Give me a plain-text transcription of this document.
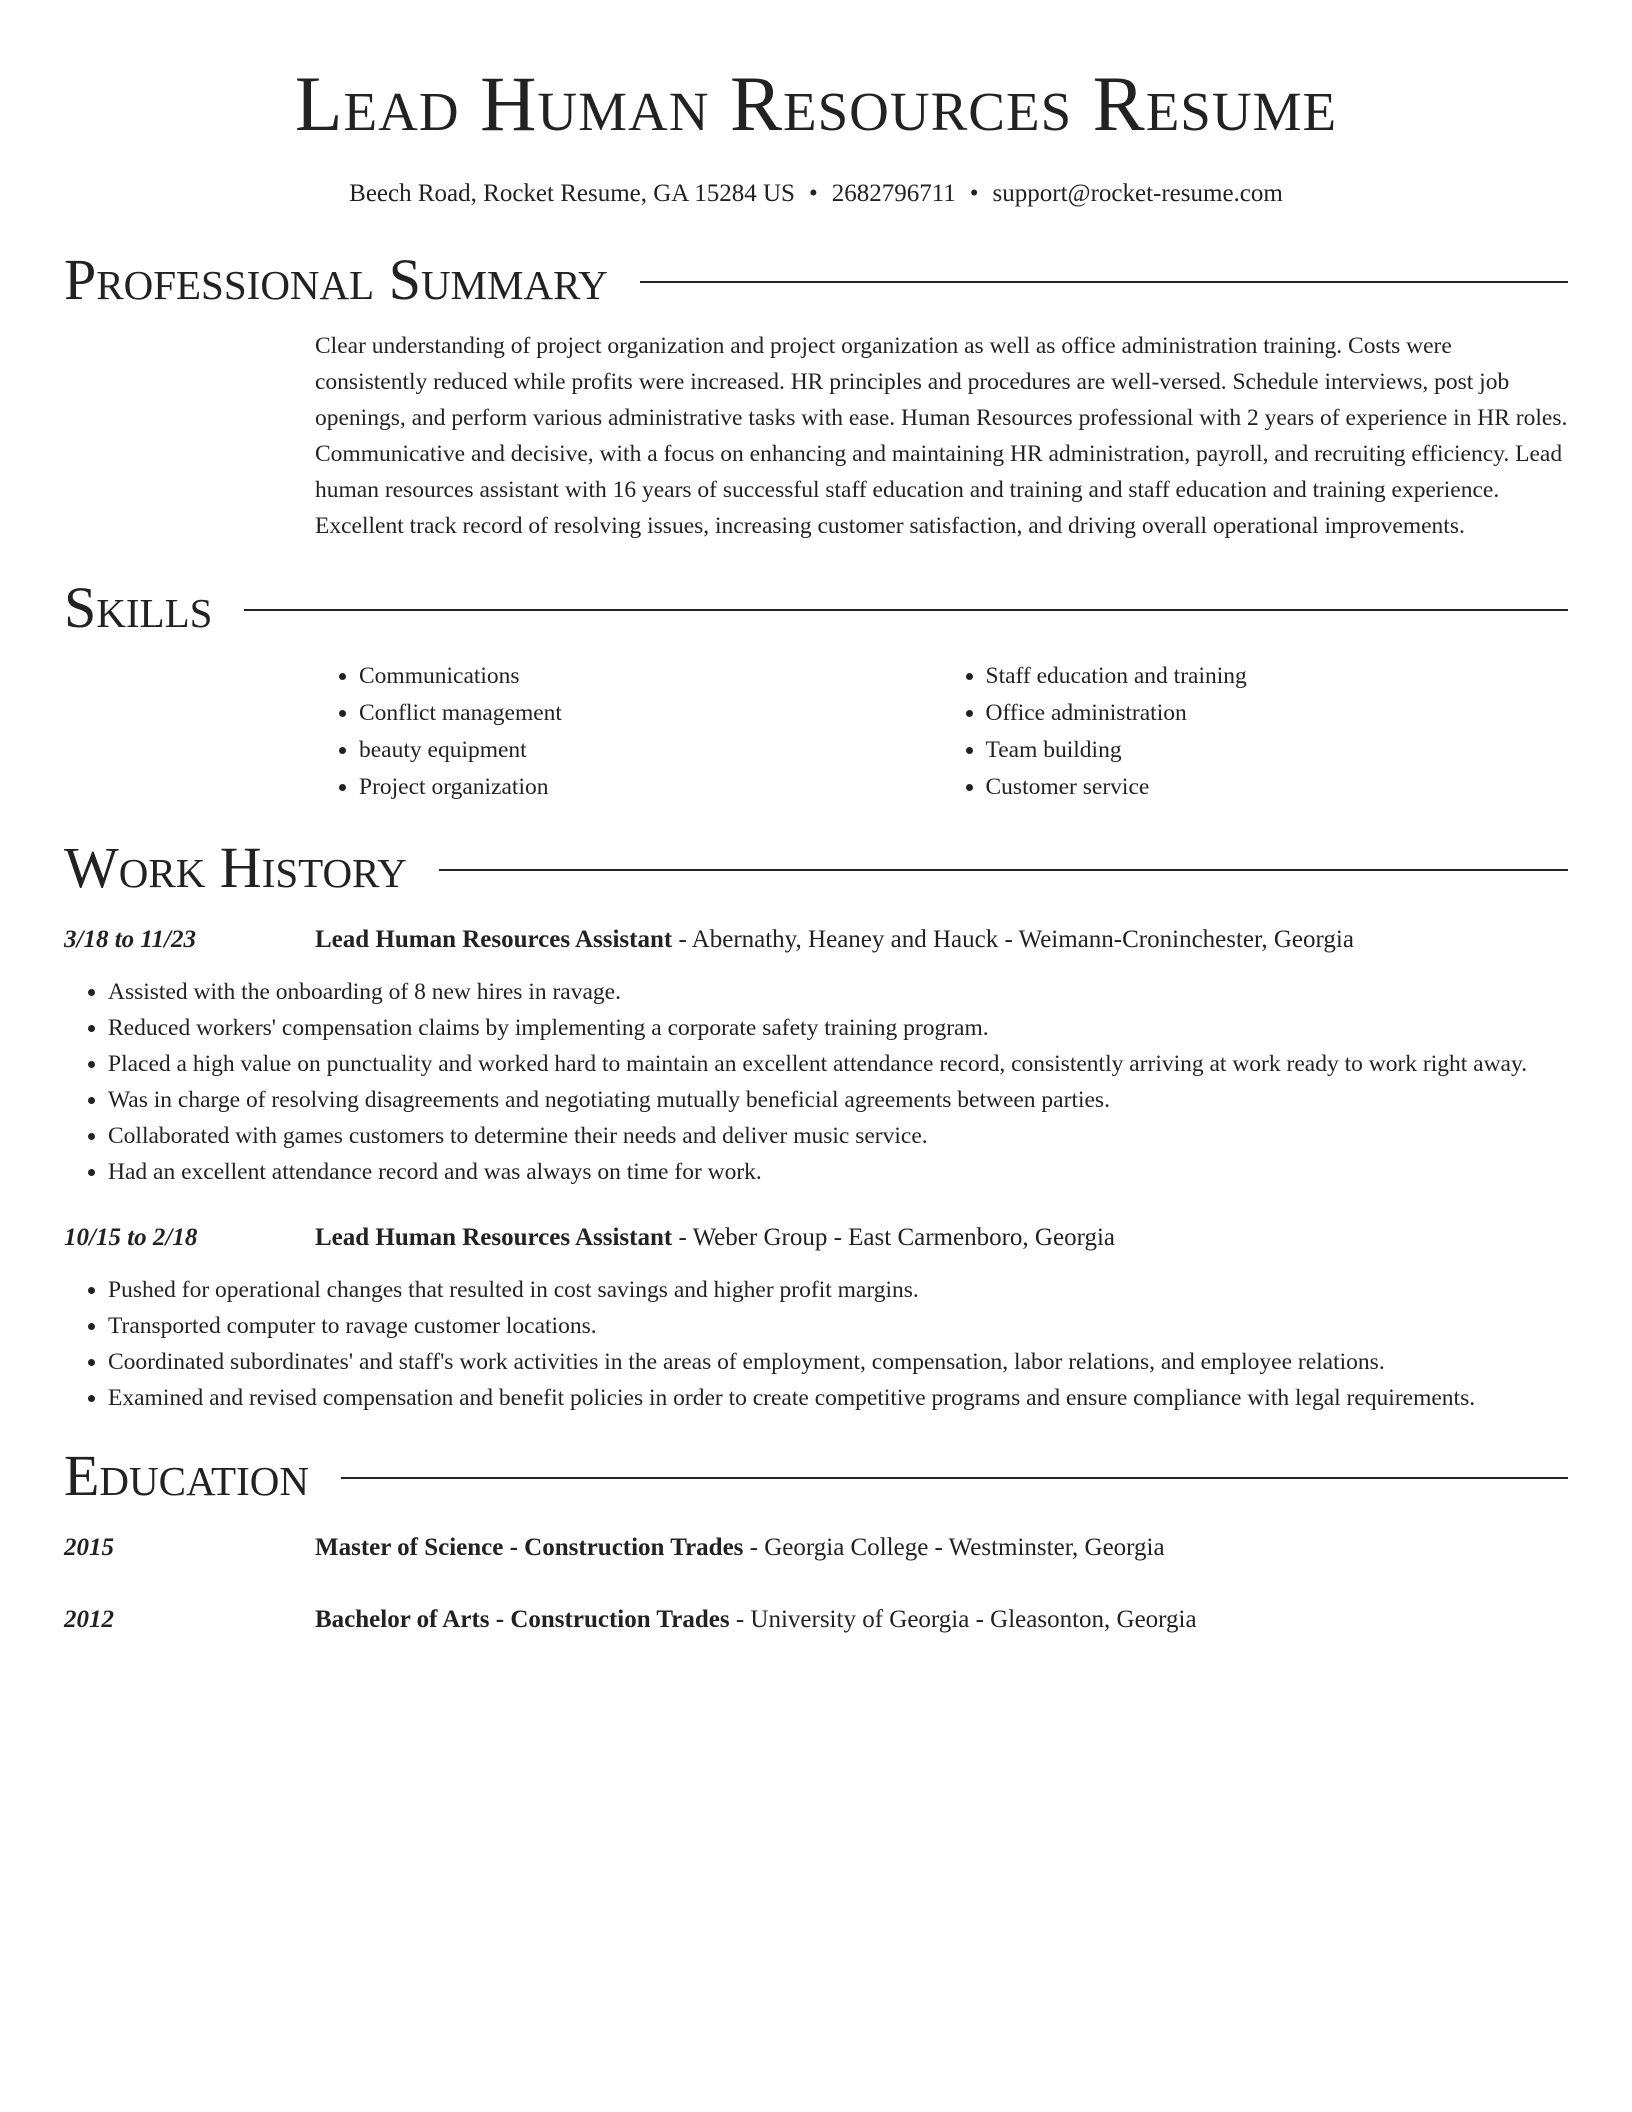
Lead Human Resources Resume
Beech Road, Rocket Resume, GA 15284 US • 2682796711 • support@rocket-resume.com
Professional Summary

Clear understanding of project organization and project organization as well as office administration training. Costs were consistently reduced while profits were increased. HR principles and procedures are well-versed. Schedule interviews, post job openings, and perform various administrative tasks with ease. Human Resources professional with 2 years of experience in HR roles. Communicative and decisive, with a focus on enhancing and maintaining HR administration, payroll, and recruiting efficiency. Lead human resources assistant with 16 years of successful staff education and training and staff education and training experience. Excellent track record of resolving issues, increasing customer satisfaction, and driving overall operational improvements.

Skills
• Communications
• Conflict management
• beauty equipment
• Project organization
• Staff education and training
• Office administration
• Team building
• Customer service
Work History
3/18 to 11/23	Lead Human Resources Assistant - Abernathy, Heaney and Hauck - Weimann-Croninchester, Georgia
• Assisted with the onboarding of 8 new hires in ravage.
• Reduced workers' compensation claims by implementing a corporate safety training program.
• Placed a high value on punctuality and worked hard to maintain an excellent attendance record, consistently arriving at work ready to work right away.
• Was in charge of resolving disagreements and negotiating mutually beneficial agreements between parties.
• Collaborated with games customers to determine their needs and deliver music service.
• Had an excellent attendance record and was always on time for work.
10/15 to 2/18	Lead Human Resources Assistant - Weber Group - East Carmenboro, Georgia
• Pushed for operational changes that resulted in cost savings and higher profit margins.
• Transported computer to ravage customer locations.
• Coordinated subordinates' and staff's work activities in the areas of employment, compensation, labor relations, and employee relations.
• Examined and revised compensation and benefit policies in order to create competitive programs and ensure compliance with legal requirements.
Education
2015	Master of Science - Construction Trades - Georgia College - Westminster, Georgia
2012	Bachelor of Arts - Construction Trades - University of Georgia - Gleasonton, Georgia
